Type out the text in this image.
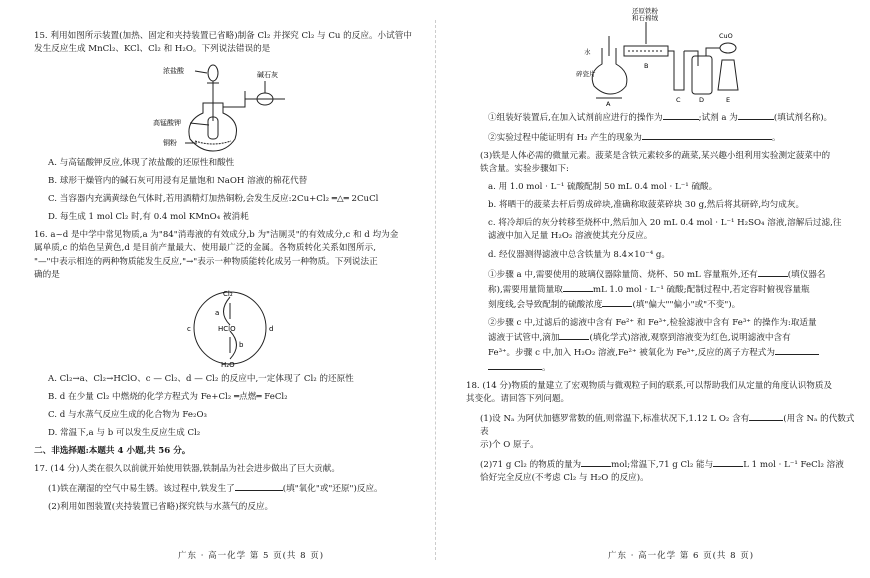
15. 利用如图所示装置(加热、固定和夹持装置已省略)制备 Cl₂ 并探究 Cl₂ 与 Cu 的反应。小试管中
发生反应生成 MnCl₂、KCl、Cl₂ 和 H₂O。下列说法错误的是

浓盐酸	碱石灰
高锰酸钾
铜粉

A. 与高锰酸钾反应,体现了浓盐酸的还原性和酸性

B. 球形干燥管内的碱石灰可用浸有足量饱和 NaOH 溶液的棉花代替

C. 当容器内充满黄绿色气体时,若用酒精灯加热铜粉,会发生反应:2Cu+Cl₂ ═△═ 2CuCl

D. 每生成 1 mol Cl₂ 时,有 0.4 mol KMnO₄ 被消耗

16. a~d 是中学中常见物质,a 为"84"消毒液的有效成分,b 为"洁厕灵"的有效成分,c 和 d 均为金
属单质,c 的焰色呈黄色,d 是目前产量最大、使用最广泛的金属。各物质转化关系如图所示,
"—"中表示相连的两种物质能发生反应,"→"表示一种物质能转化成另一种物质。下列说法正
确的是

Cl₂
HClO
H₂O
a
b
c	d

A. Cl₂→a、Cl₂→HClO、c — Cl₂、d — Cl₂ 的反应中,一定体现了 Cl₂ 的还原性

B. d 在少量 Cl₂ 中燃烧的化学方程式为 Fe+Cl₂ ═点燃═ FeCl₂

C. d 与水蒸气反应生成的化合物为 Fe₂O₃

D. 常温下,a 与 b 可以发生反应生成 Cl₂

二、非选择题:本题共 4 小题,共 56 分。

17. (14 分)人类在很久以前就开始使用铁器,铁制品为社会进步做出了巨大贡献。

(1)铁在潮湿的空气中易生锈。该过程中,铁发生了	(填"氧化"或"还原")反应。

(2)利用如图装置(夹持装置已省略)探究铁与水蒸气的反应。

广东 · 高一化学 第 5 页(共 8 页)
还原铁粉
和石棉绒
水
碎瓷片
CuO
A
B
C	D	E

①组装好装置后,在加入试剂前应进行的操作为	;试剂 a 为	(填试剂名称)。

②实验过程中能证明有 H₂ 产生的现象为	。

(3)铁是人体必需的微量元素。菠菜是含铁元素较多的蔬菜,某兴趣小组利用实验测定菠菜中的
铁含量。实验步骤如下:

a. 用 1.0 mol · L⁻¹ 硫酸配制 50 mL 0.4 mol · L⁻¹ 硫酸。

b. 将晒干的菠菜去杆后剪成碎块,准确称取菠菜碎块 30 g,然后将其研碎,均匀成灰。

c. 将冷却后的灰分转移至烧杯中,然后加入 20 mL 0.4 mol · L⁻¹ H₂SO₄ 溶液,溶解后过滤,往
滤液中加入足量 H₂O₂ 溶液使其充分反应。

d. 经仪器测得滤液中总含铁量为 8.4×10⁻⁴ g。

①步骤 a 中,需要使用的玻璃仪器除量筒、烧杯、50 mL 容量瓶外,还有	(填仪器名
称),需要用量筒量取	mL 1.0 mol · L⁻¹ 硫酸;配制过程中,若定容时俯视容量瓶
刻度线,会导致配制的硫酸浓度	(填"偏大""偏小"或"不变")。

②步骤 c 中,过滤后的滤液中含有 Fe²⁺ 和 Fe³⁺,检验滤液中含有 Fe³⁺ 的操作为:取适量
滤液于试管中,滴加	(填化学式)溶液,观察到溶液变为红色,说明滤液中含有
Fe³⁺。步骤 c 中,加入 H₂O₂ 溶液,Fe²⁺ 被氧化为 Fe³⁺,反应的离子方程式为
。

18. (14 分)物质的量建立了宏观物质与微观粒子间的联系,可以帮助我们从定量的角度认识物质及
其变化。请回答下列问题。

(1)设 Nₐ 为阿伏加德罗常数的值,则常温下,标准状况下,1.12 L O₂ 含有	(用含 Nₐ 的代数式表
示)个 O 原子。

(2)71 g Cl₂ 的物质的量为	mol;常温下,71 g Cl₂ 能与	L 1 mol · L⁻¹ FeCl₂ 溶液
恰好完全反应(不考虑 Cl₂ 与 H₂O 的反应)。

广东 · 高一化学 第 6 页(共 8 页)
